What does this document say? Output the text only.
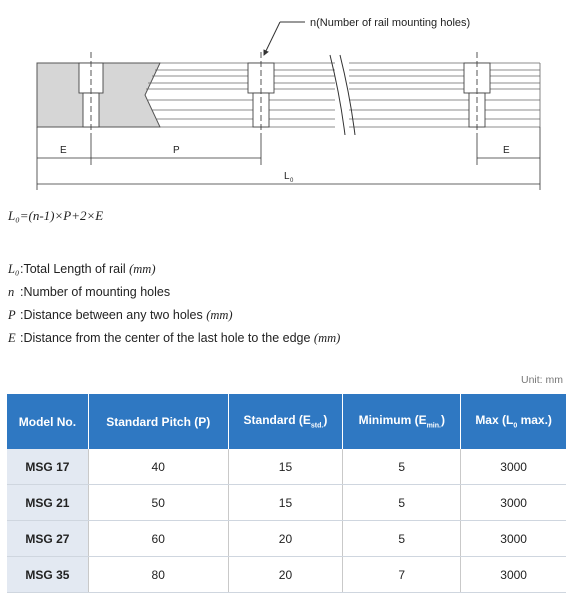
n(Number of rail mounting holes)
E	P	E
L 0
L₀=(n-1)×P+2×E
L₀:Total Length of rail (mm)
n :Number of mounting holes
P :Distance between any two holes (mm)
E :Distance from the center of the last hole to the edge (mm)
Unit: mm
Model No.	Standard Pitch (P)	Standard $(E_{std.})$	Minimum $(E_{min.})$	Max ($L_0$ max.)
MSG 17	40	15	5	3000
MSG 21	50	15	5	3000
MSG 27	60	20	5	3000
MSG 35	80	20	7	3000
